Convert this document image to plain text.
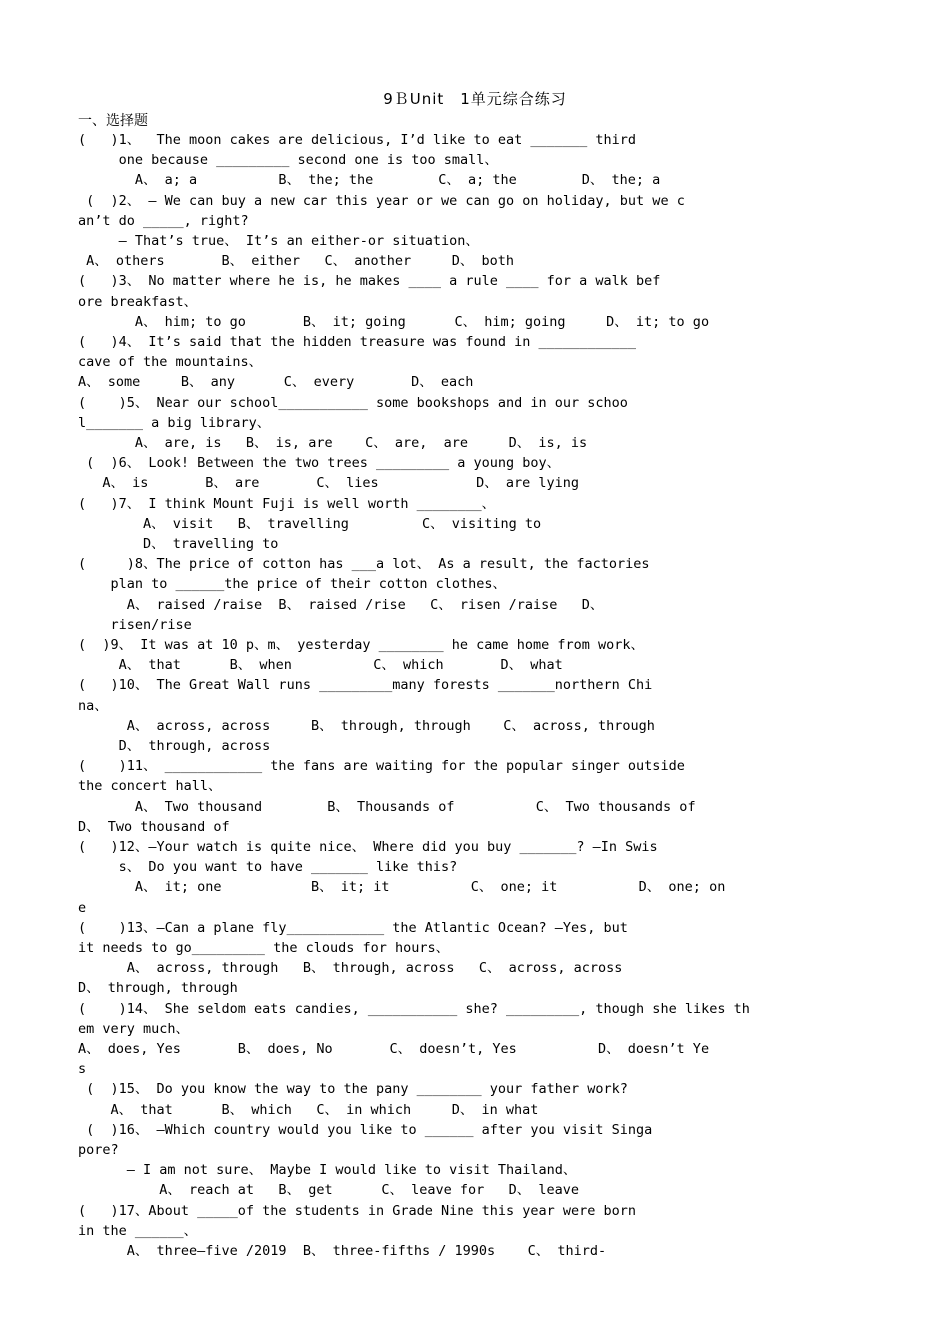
9ＢUnit　1单元综合练习
一、选择题
(   )1、  The moon cakes are delicious, I’d like to eat _______ third
one because _________ second one is too small、
A、 a; a          B、 the; the        C、 a; the        D、 the; a
(  )2、 — We can buy a new car this year or we can go on holiday, but we c
an’t do _____, right?
— That’s true、 It’s an either-or situation、
A、 others       B、 either   C、 another     D、 both
(   )3、 No matter where he is, he makes ____ a rule ____ for a walk bef
ore breakfast、
A、 him; to go       B、 it; going      C、 him; going     D、 it; to go
(   )4、 It’s said that the hidden treasure was found in ____________
cave of the mountains、
A、 some     B、 any      C、 every       D、 each
(    )5、 Near our school___________ some bookshops and in our schoo
l_______ a big library、
A、 are, is   B、 is, are    C、 are,  are     D、 is, is
(  )6、 Look! Between the two trees _________ a young boy、
A、 is       B、 are       C、 lies            D、 are lying
(   )7、 I think Mount Fuji is well worth ________、
A、 visit   B、 travelling         C、 visiting to
D、 travelling to
(     )8、The price of cotton has ___a lot、 As a result, the factories
plan to ______the price of their cotton clothes、
A、 raised /raise  B、 raised /rise   C、 risen /raise   D、
risen/rise
(  )9、 It was at 10 p、m、 yesterday ________ he came home from work、
A、 that      B、 when          C、 which       D、 what
(   )10、 The Great Wall runs _________many forests _______northern Chi
na、
A、 across, across     B、 through, through    C、 across, through
D、 through, across
(    )11、 ____________ the fans are waiting for the popular singer outside
the concert hall、
A、 Two thousand        B、 Thousands of          C、 Two thousands of
D、 Two thousand of
(   )12、—Your watch is quite nice、 Where did you buy _______? —In Swis
s、 Do you want to have _______ like this?
A、 it; one           B、 it; it          C、 one; it          D、 one; on
e
(    )13、—Can a plane fly____________ the Atlantic Ocean? —Yes, but
it needs to go_________ the clouds for hours、
A、 across, through   B、 through, across   C、 across, across
D、 through, through
(    )14、 She seldom eats candies, ___________ she? _________, though she likes th
em very much、
A、 does, Yes       B、 does, No       C、 doesn’t, Yes          D、 doesn’t Ye
s
(  )15、 Do you know the way to the pany ________ your father work?
A、 that      B、 which   C、 in which     D、 in what
(  )16、 —Which country would you like to ______ after you visit Singa
pore?
— I am not sure、 Maybe I would like to visit Thailand、
A、 reach at   B、 get      C、 leave for   D、 leave
(   )17、About _____of the students in Grade Nine this year were born
in the ______、
A、 three—five /2019  B、 three-fifths / 1990s    C、 third-
